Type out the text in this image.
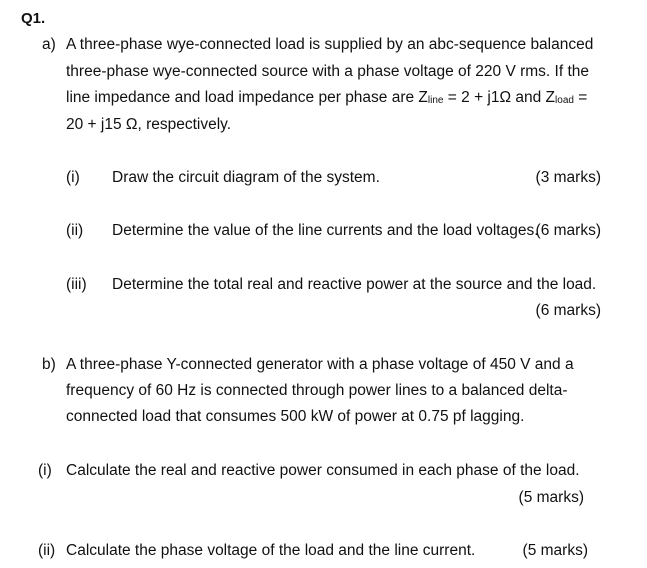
Q1.
a) A three-phase wye-connected load is supplied by an abc-sequence balanced
three-phase wye-connected source with a phase voltage of 220 V rms. If the
line impedance and load impedance per phase are $Z_{line} = 2 + j1\Omega$ and $Z_{load}$ =
20 + j15 Ω, respectively.
(i) Draw the circuit diagram of the system.	(3 marks)
(ii) Determine the value of the line currents and the load voltages.
(6 marks)
(iii) Determine the total real and reactive power at the source and the load.
(6 marks)
b) A three-phase Y-connected generator with a phase voltage of 450 V and a
frequency of 60 Hz is connected through power lines to a balanced delta-
connected load that consumes 500 kW of power at 0.75 pf lagging.
(i) Calculate the real and reactive power consumed in each phase of the load.
(5 marks)
(ii) Calculate the phase voltage of the load and the line current.	(5 marks)
